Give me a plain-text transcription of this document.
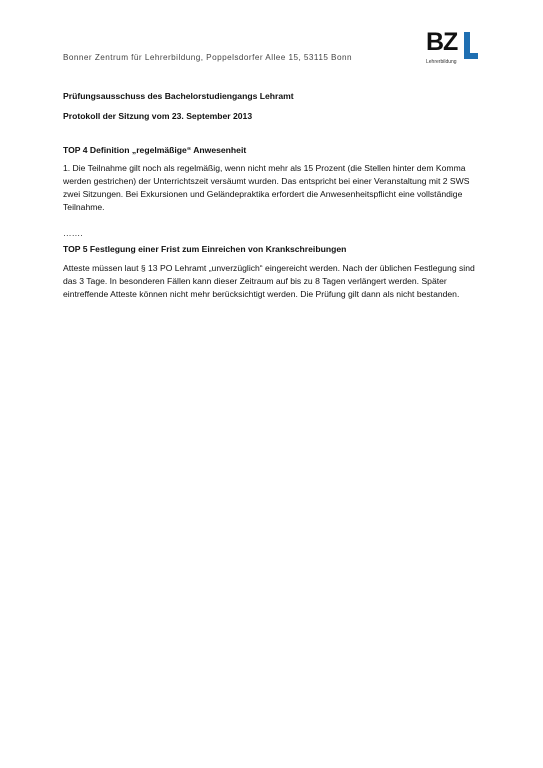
Bonner Zentrum für Lehrerbildung, Poppelsdorfer Allee 15, 53115 Bonn
BZ
Lehrerbildung

Prüfungsausschuss des Bachelorstudiengangs Lehramt

Protokoll der Sitzung vom 23. September 2013

TOP 4 Definition „regelmäßige“ Anwesenheit

1. Die Teilnahme gilt noch als regelmäßig, wenn nicht mehr als 15 Prozent (die Stellen hinter dem Komma werden gestrichen) der Unterrichtszeit versäumt wurden. Das entspricht bei einer Veranstaltung mit 2 SWS zwei Sitzungen. Bei Exkursionen und Geländepraktika erfordert die Anwesenheitspflicht eine vollständige Teilnahme.

…….

TOP 5 Festlegung einer Frist zum Einreichen von Krankschreibungen

Atteste müssen laut § 13 PO Lehramt „unverzüglich“ eingereicht werden. Nach der üblichen Festlegung sind das 3 Tage. In besonderen Fällen kann dieser Zeitraum auf bis zu 8 Tagen verlängert werden. Später eintreffende Atteste können nicht mehr berücksichtigt werden. Die Prüfung gilt dann als nicht bestanden.
